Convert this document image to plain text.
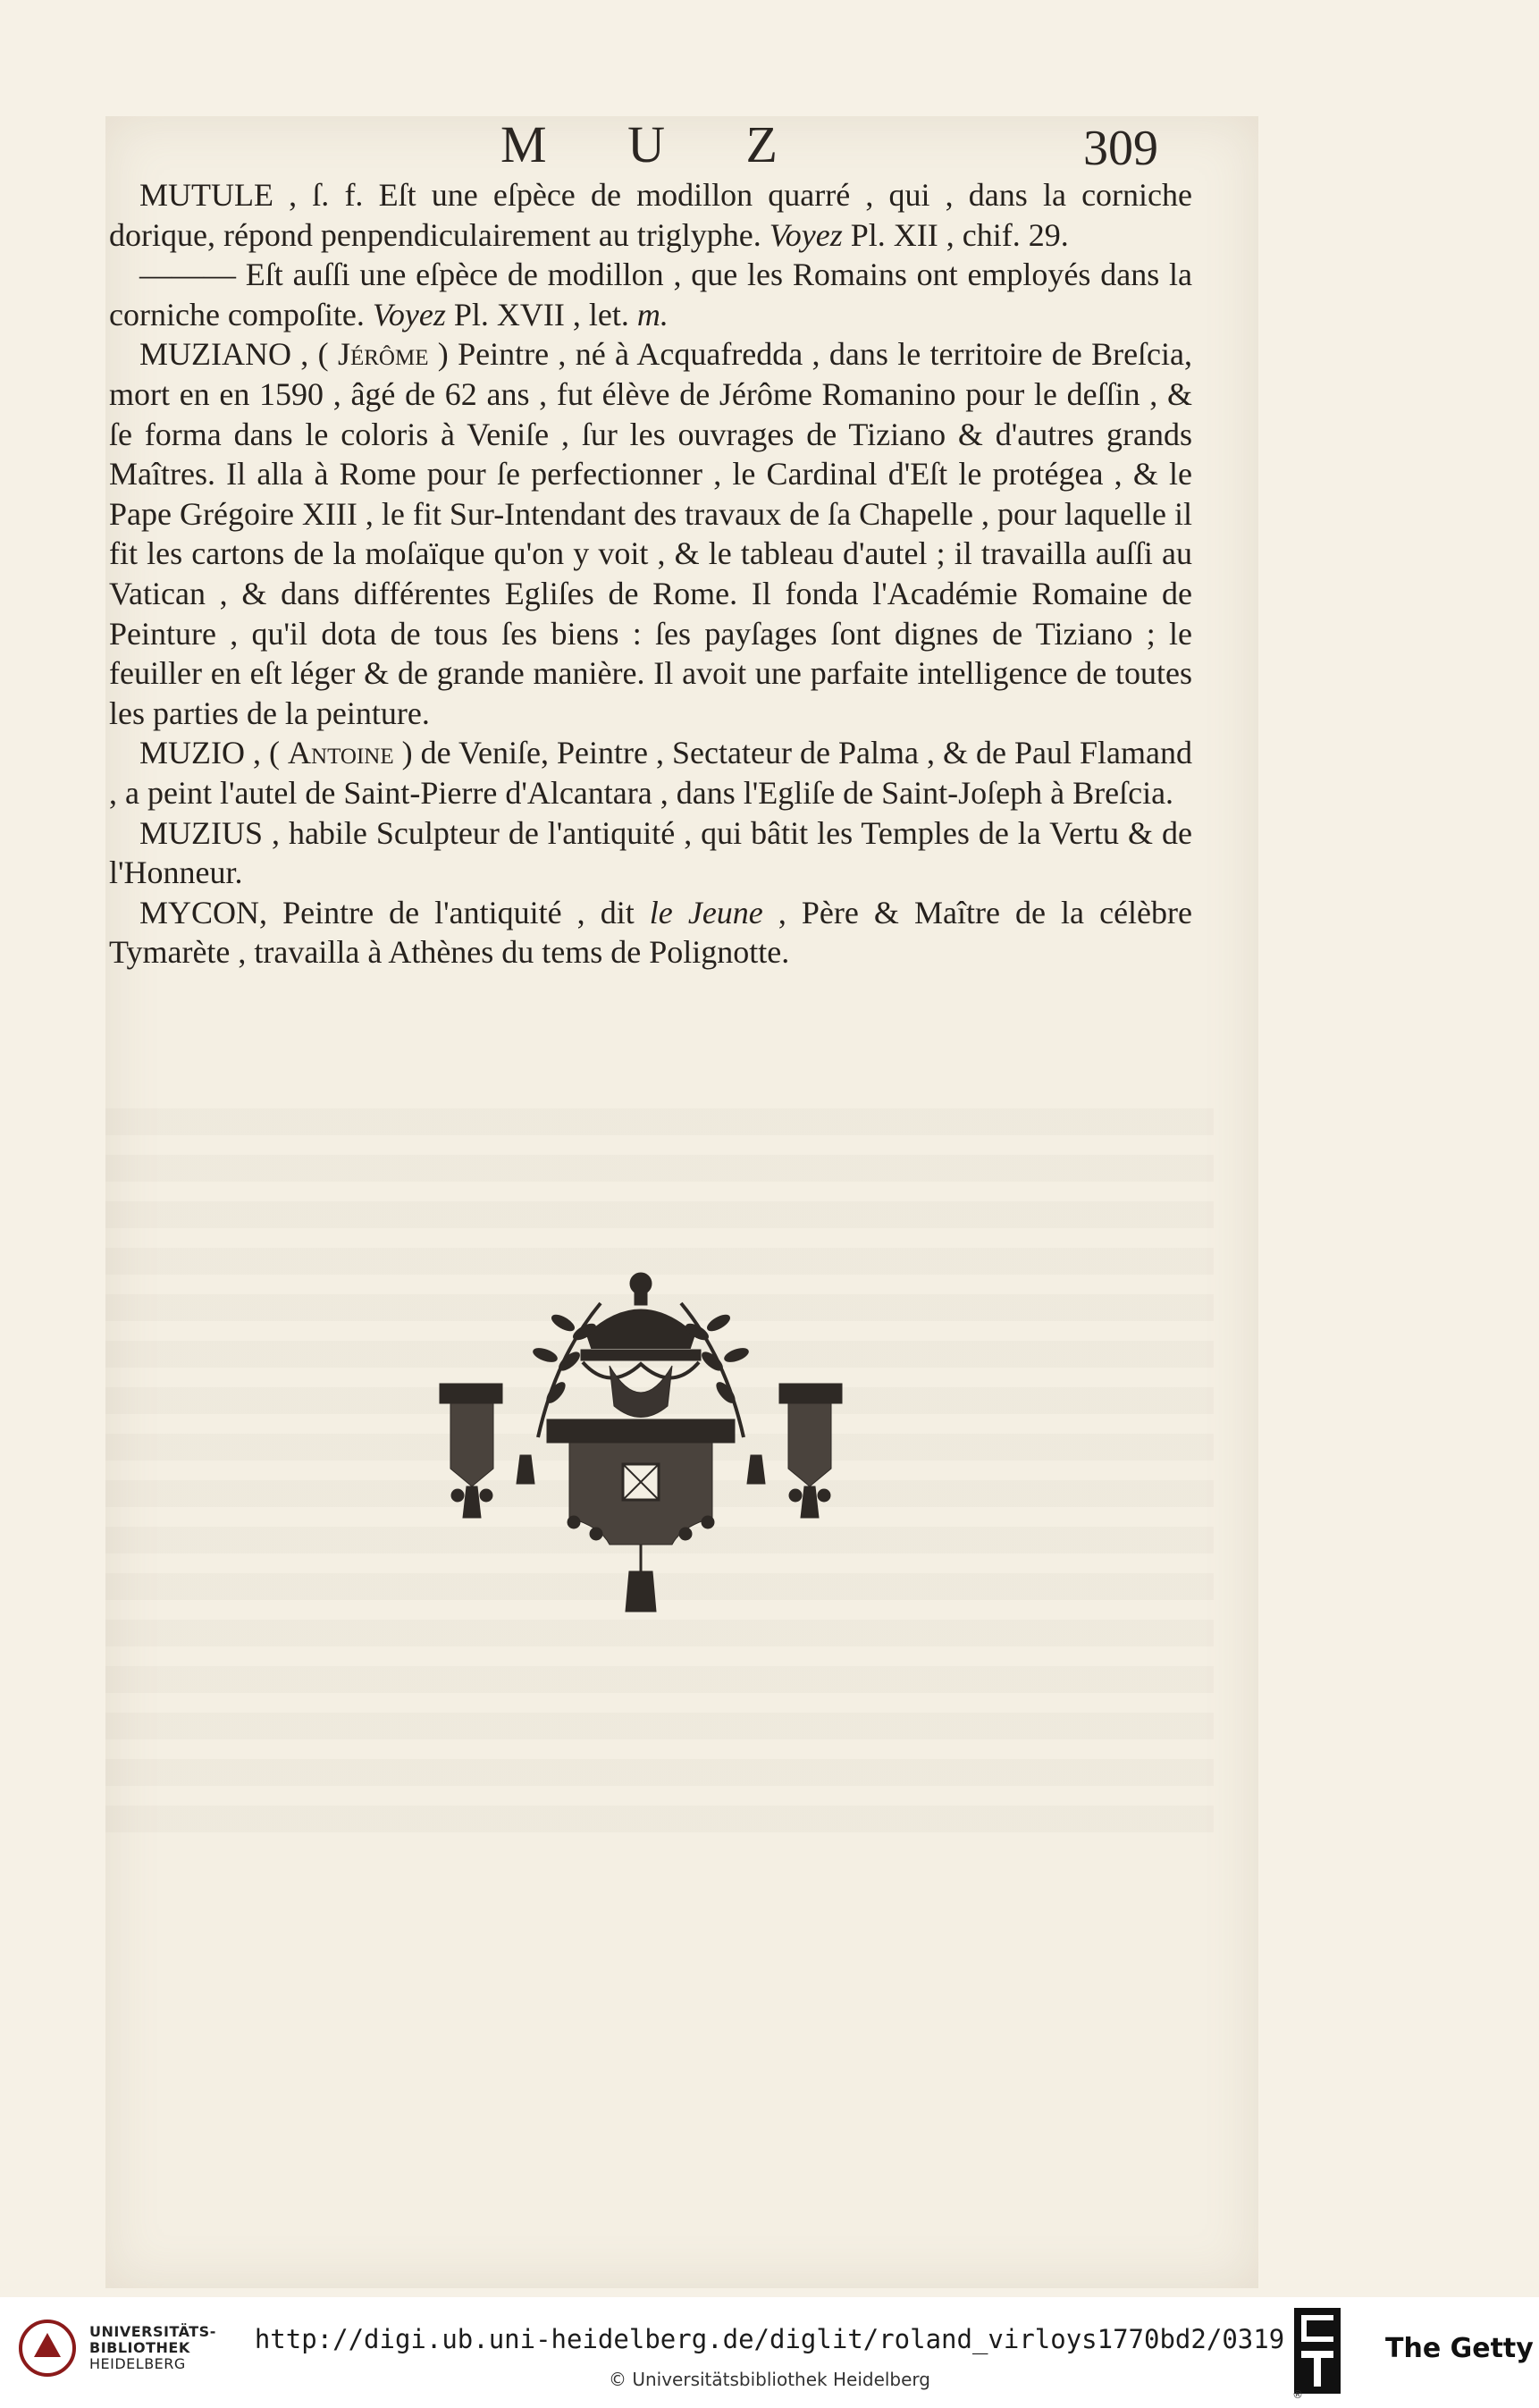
M U Z	309

MUTULE , ſ. f. Eſt une eſpèce de modillon quarré , qui , dans la corniche dorique, répond penpendiculairement au triglyphe. Voyez Pl. XII , chif. 29.

——— Eſt auſſi une eſpèce de modillon , que les Romains ont employés dans la corniche compoſite. Voyez Pl. XVII , let. m.

MUZIANO , ( Jérôme ) Peintre , né à Acquafredda , dans le territoire de Breſcia, mort en en 1590 , âgé de 62 ans , fut élève de Jérôme Romanino pour le deſſin , & ſe forma dans le coloris à Veniſe , ſur les ouvrages de Tiziano & d'autres grands Maîtres. Il alla à Rome pour ſe perfectionner , le Cardinal d'Eſt le protégea , & le Pape Grégoire XIII , le fit Sur-Intendant des travaux de ſa Chapelle , pour laquelle il fit les cartons de la moſaïque qu'on y voit , & le tableau d'autel ; il travailla auſſi au Vatican , & dans différentes Egliſes de Rome. Il fonda l'Académie Romaine de Peinture , qu'il dota de tous ſes biens : ſes payſages ſont dignes de Tiziano ; le feuiller en eſt léger & de grande manière. Il avoit une parfaite intelligence de toutes les parties de la peinture.

MUZIO , ( Antoine ) de Veniſe, Peintre , Sectateur de Palma , & de Paul Flamand , a peint l'autel de Saint-Pierre d'Alcantara , dans l'Egliſe de Saint-Joſeph à Breſcia.

MUZIUS , habile Sculpteur de l'antiquité , qui bâtit les Temples de la Vertu & de l'Honneur.

MYCON, Peintre de l'antiquité , dit le Jeune , Père & Maître de la célèbre Tymarète , travailla à Athènes du tems de Polignotte.

UNIVERSITÄTS-
BIBLIOTHEK
HEIDELBERG
http://digi.ub.uni-heidelberg.de/diglit/roland_virloys1770bd2/0319
© Universitätsbibliothek Heidelberg
®
The Getty
